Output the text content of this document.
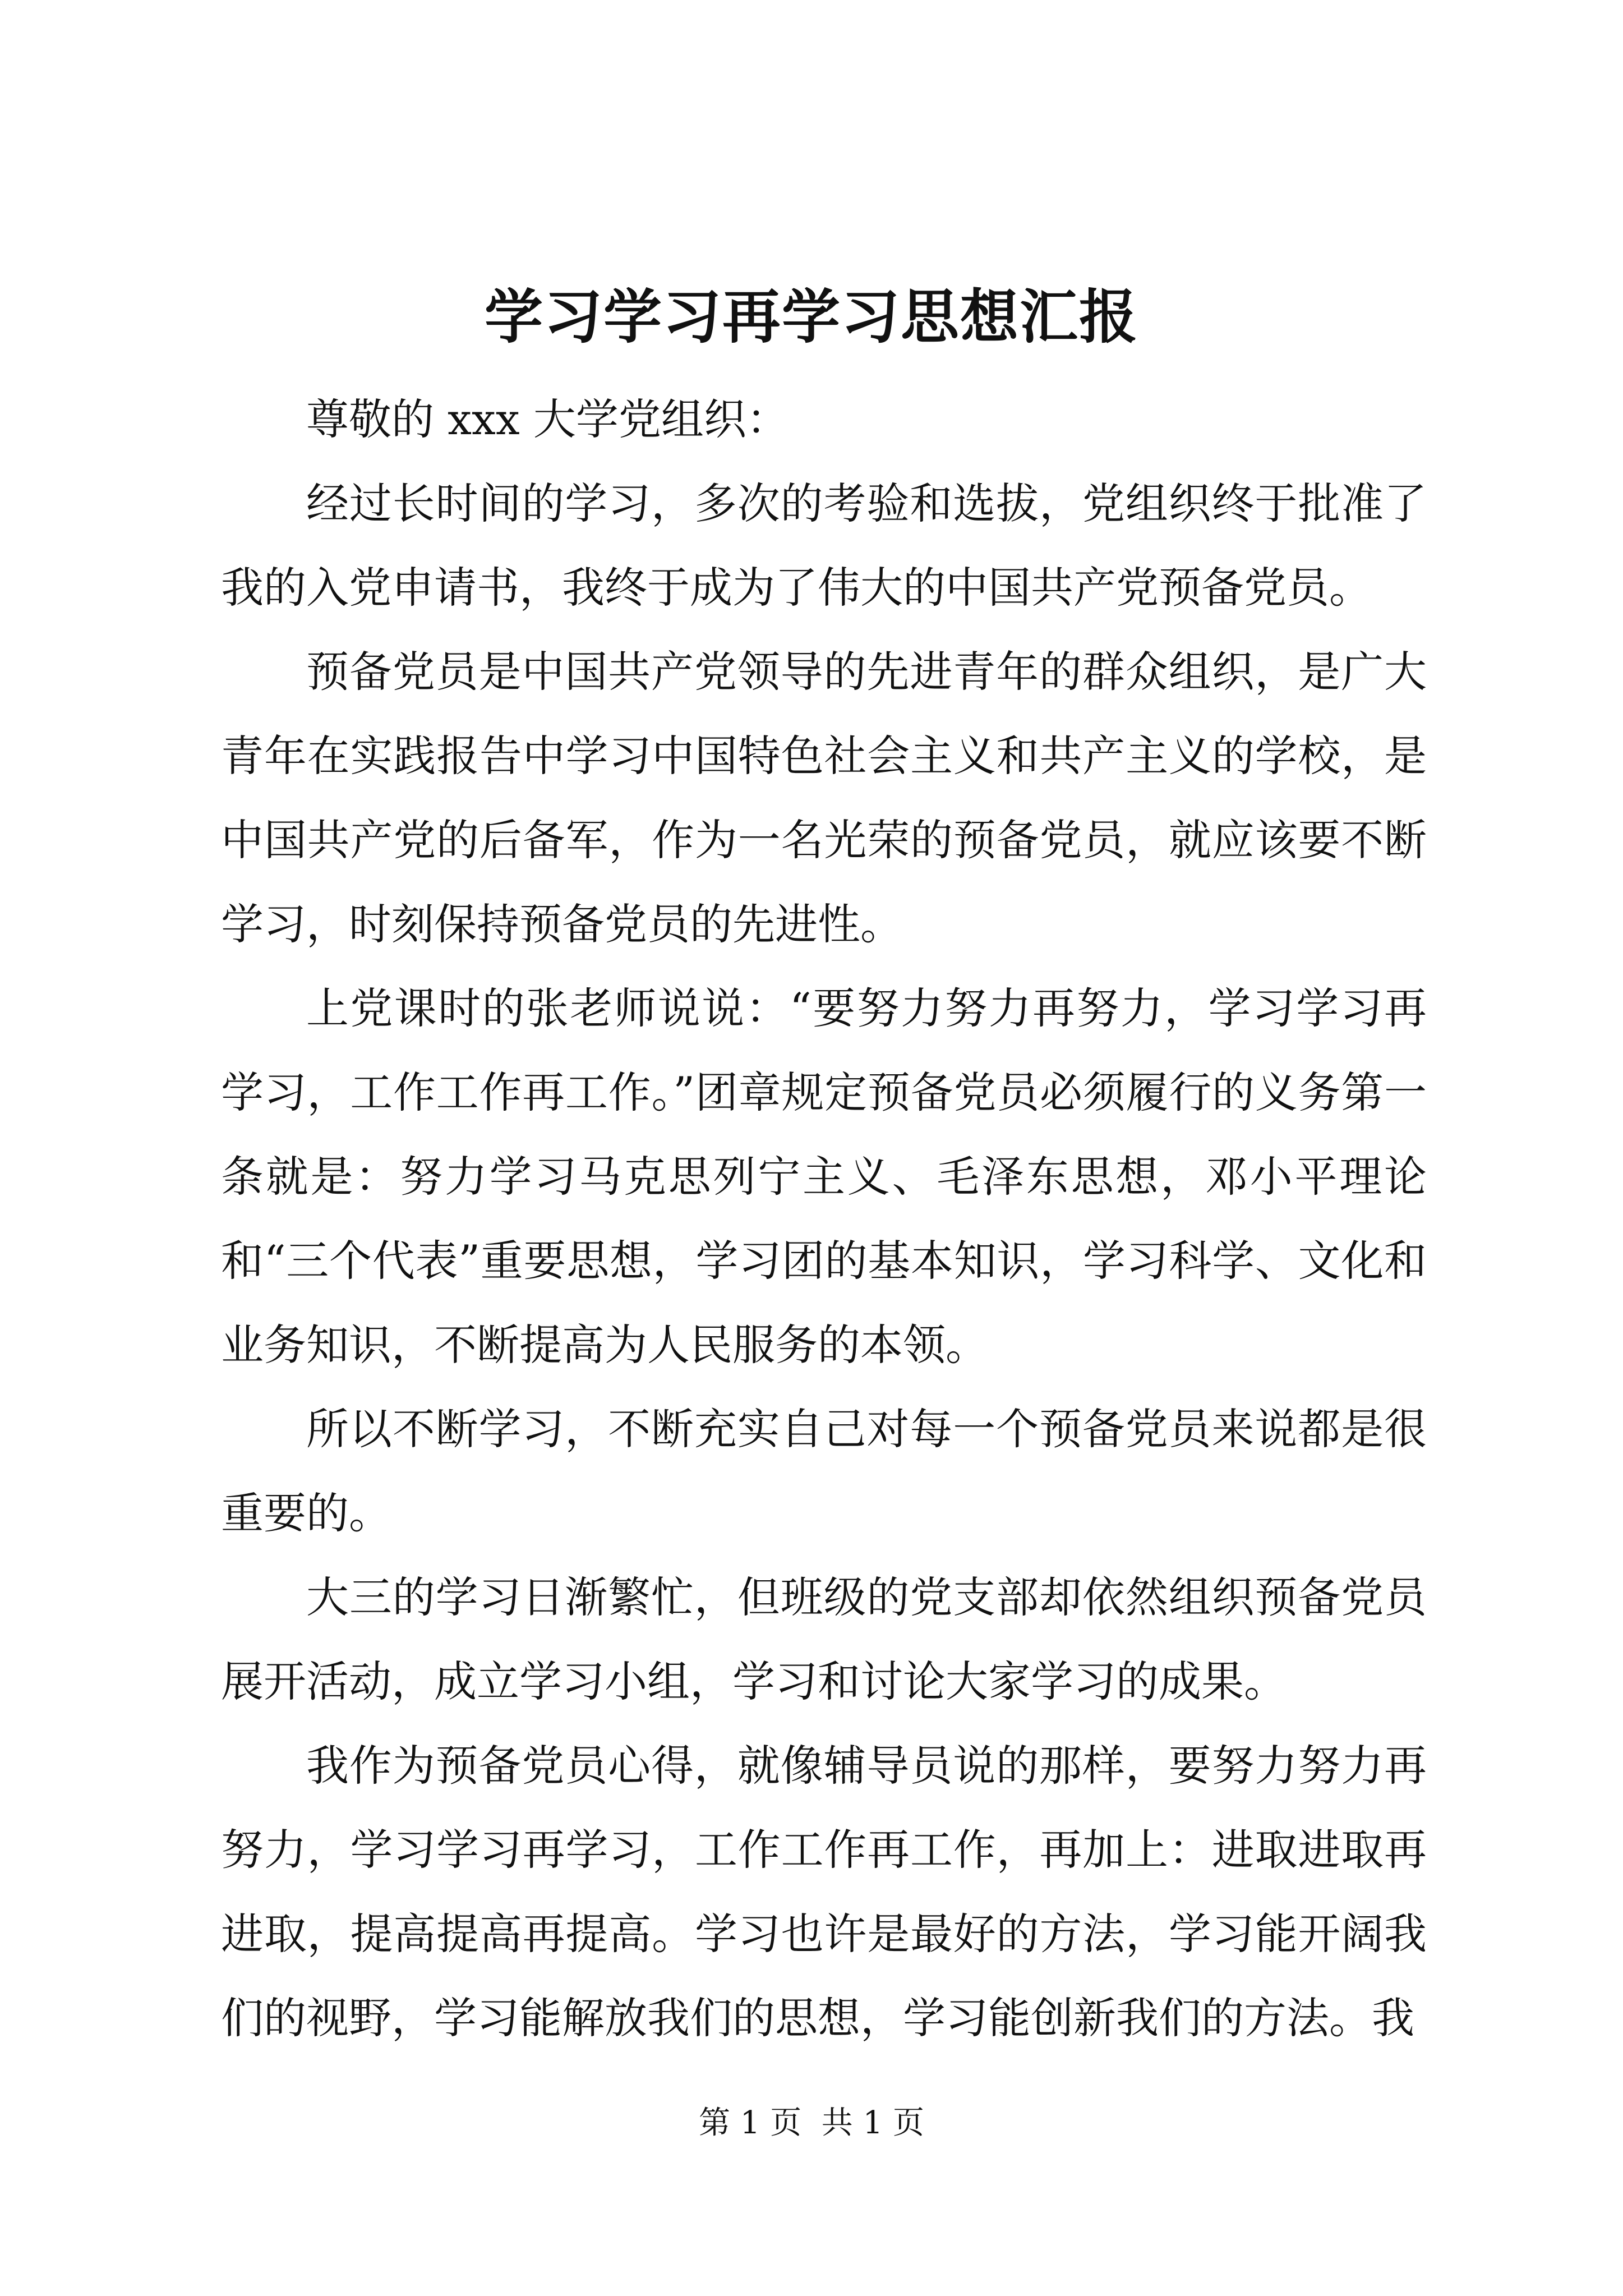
学习学习再学习思想汇报

尊敬的 xxx 大学党组织：

经过长时间的学习，多次的考验和选拔，党组织终于批准了我的入党申请书，我终于成为了伟大的中国共产党预备党员。

预备党员是中国共产党领导的先进青年的群众组织，是广大青年在实践报告中学习中国特色社会主义和共产主义的学校，是中国共产党的后备军，作为一名光荣的预备党员，就应该要不断学习，时刻保持预备党员的先进性。

上党课时的张老师说说：“要努力努力再努力，学习学习再学习，工作工作再工作。”团章规定预备党员必须履行的义务第一条就是：努力学习马克思列宁主义、毛泽东思想，邓小平理论和“三个代表”重要思想，学习团的基本知识，学习科学、文化和业务知识，不断提高为人民服务的本领。

所以不断学习，不断充实自己对每一个预备党员来说都是很重要的。

大三的学习日渐繁忙，但班级的党支部却依然组织预备党员展开活动，成立学习小组，学习和讨论大家学习的成果。

我作为预备党员心得，就像辅导员说的那样，要努力努力再努力，学习学习再学习，工作工作再工作，再加上：进取进取再进取，提高提高再提高。学习也许是最好的方法，学习能开阔我们的视野，学习能解放我们的思想，学习能创新我们的方法。我

第 1 页  共 1 页
